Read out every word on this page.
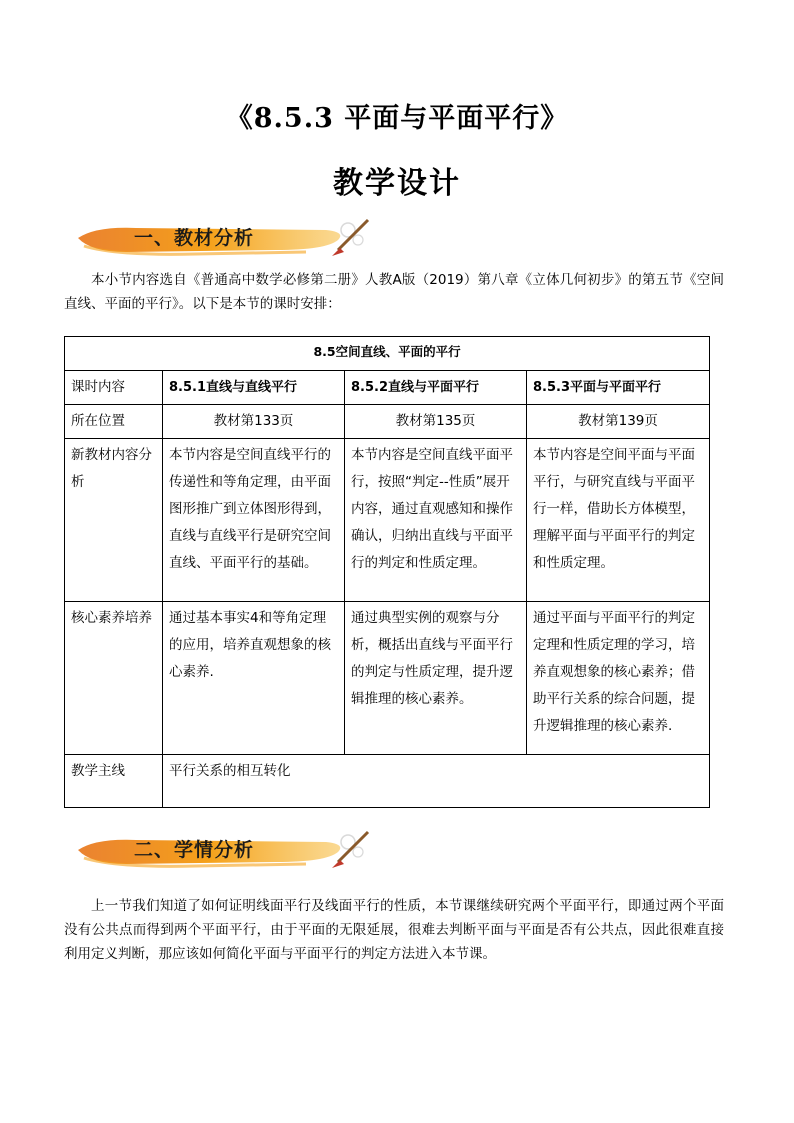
《8.5.3 平面与平面平行》
教学设计
一、教材分析
本小节内容选自《普通高中数学必修第二册》人教A版（2019）第八章《立体几何初步》的第五节《空间直线、平面的平行》。以下是本节的课时安排：
8.5空间直线、平面的平行			
课时内容	8.5.1直线与直线平行	8.5.2直线与平面平行	8.5.3平面与平面平行
所在位置	教材第133页	教材第135页	教材第139页
新教材内容分析	本节内容是空间直线平行的传递性和等角定理，由平面图形推广到立体图形得到，直线与直线平行是研究空间直线、平面平行的基础。	本节内容是空间直线平面平行，按照“判定--性质”展开内容，通过直观感知和操作确认，归纳出直线与平面平行的判定和性质定理。	本节内容是空间平面与平面平行，与研究直线与平面平行一样，借助长方体模型，理解平面与平面平行的判定和性质定理。
核心素养培养	通过基本事实4和等角定理的应用，培养直观想象的核心素养.	通过典型实例的观察与分析，概括出直线与平面平行的判定与性质定理，提升逻辑推理的核心素养。	通过平面与平面平行的判定定理和性质定理的学习，培养直观想象的核心素养；借助平行关系的综合问题，提升逻辑推理的核心素养.
教学主线	平行关系的相互转化		
二、学情分析
上一节我们知道了如何证明线面平行及线面平行的性质，本节课继续研究两个平面平行，即通过两个平面没有公共点而得到两个平面平行，由于平面的无限延展，很难去判断平面与平面是否有公共点，因此很难直接利用定义判断，那应该如何简化平面与平面平行的判定方法进入本节课。
